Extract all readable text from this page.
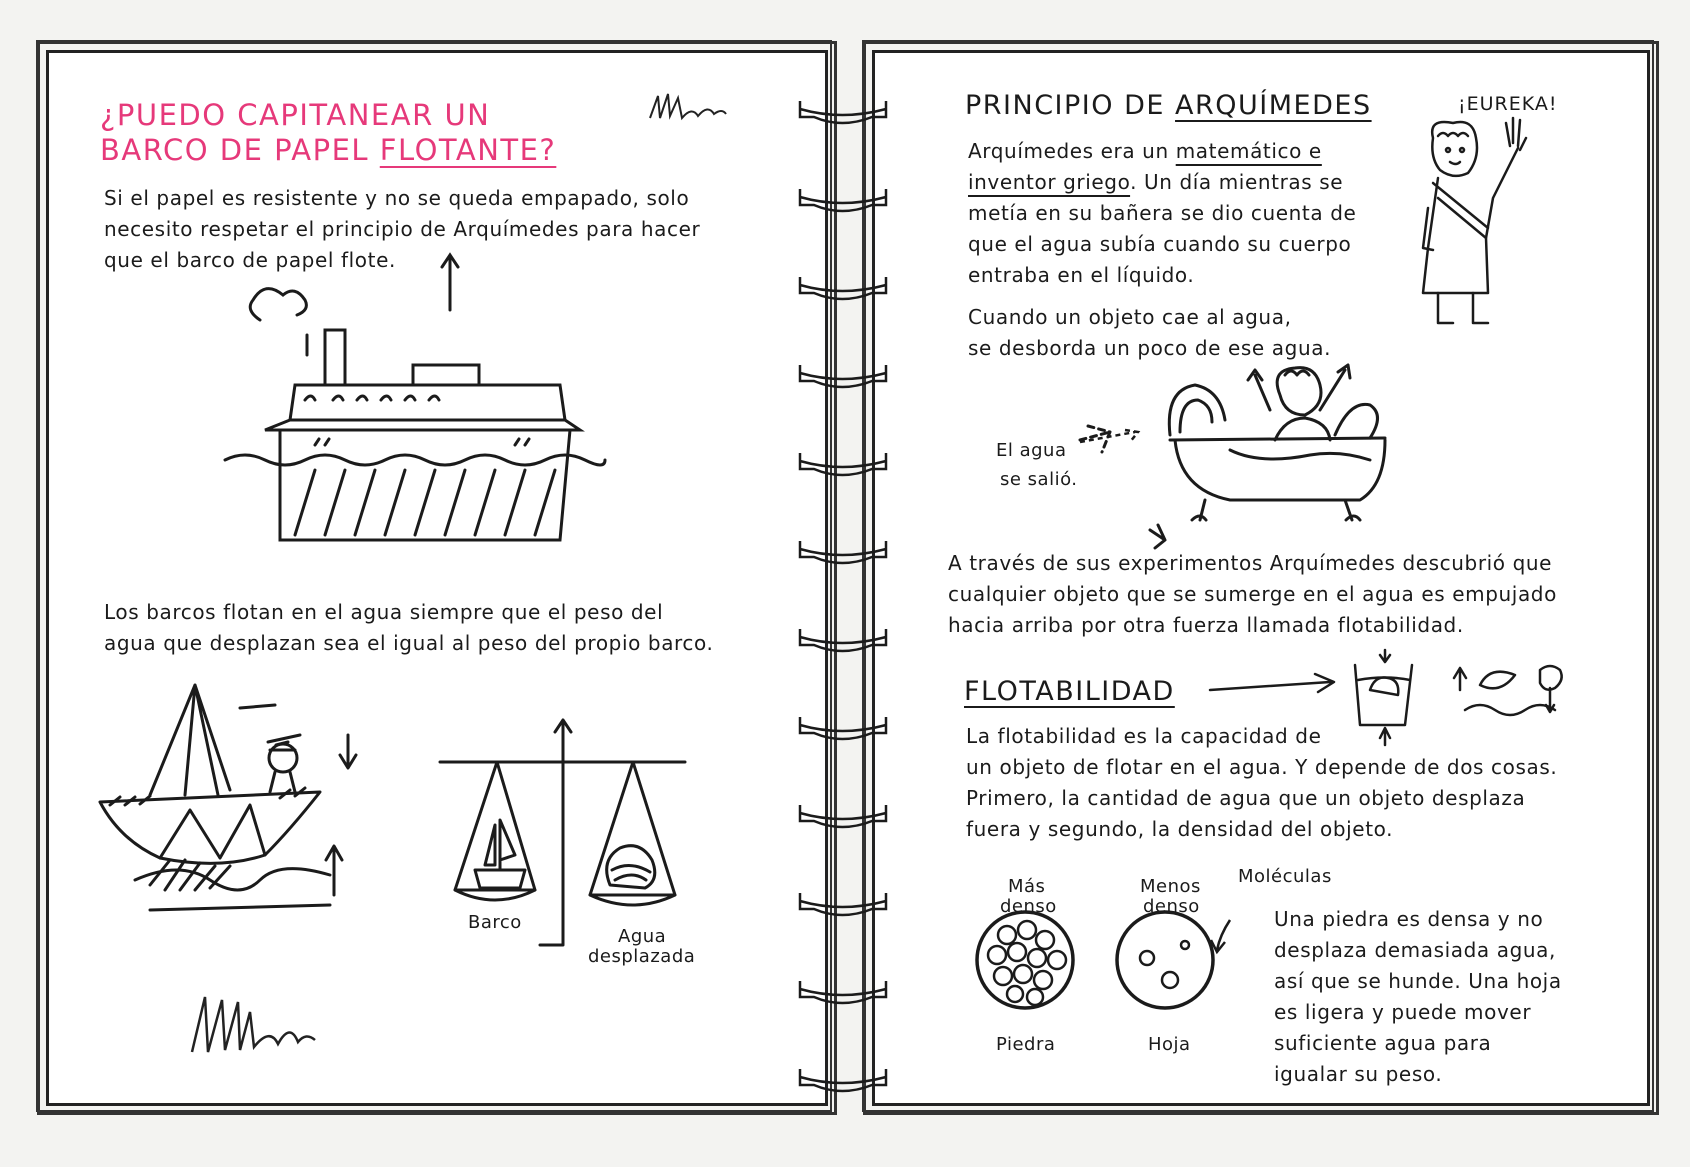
¿PUEDO CAPITANEAR UN

BARCO DE PAPEL FLOTANTE?

Si el papel es resistente y no se queda empapado, solo

necesito respetar el principio de Arquímedes para hacer

que el barco de papel flote.

Los barcos flotan en el agua siempre que el peso del

agua que desplazan sea el igual al peso del propio barco.

Barco

Agua

desplazada

PRINCIPIO DE ARQUÍMEDES	¡EUREKA!

Arquímedes era un matemático e

inventor griego. Un día mientras se

metía en su bañera se dio cuenta de

que el agua subía cuando su cuerpo

entraba en el líquido.

Cuando un objeto cae al agua,

se desborda un poco de ese agua.

El agua

se salió.

A través de sus experimentos Arquímedes descubrió que

cualquier objeto que se sumerge en el agua es empujado

hacia arriba por otra fuerza llamada flotabilidad.

FLOTABILIDAD

La flotabilidad es la capacidad de

un objeto de flotar en el agua. Y depende de dos cosas.

Primero, la cantidad de agua que un objeto desplaza

fuera y segundo, la densidad del objeto.

Más

denso

Menos

denso

Moléculas

Piedra	Hoja

Una piedra es densa y no

desplaza demasiada agua,

así que se hunde. Una hoja

es ligera y puede mover

suficiente agua para

igualar su peso.
